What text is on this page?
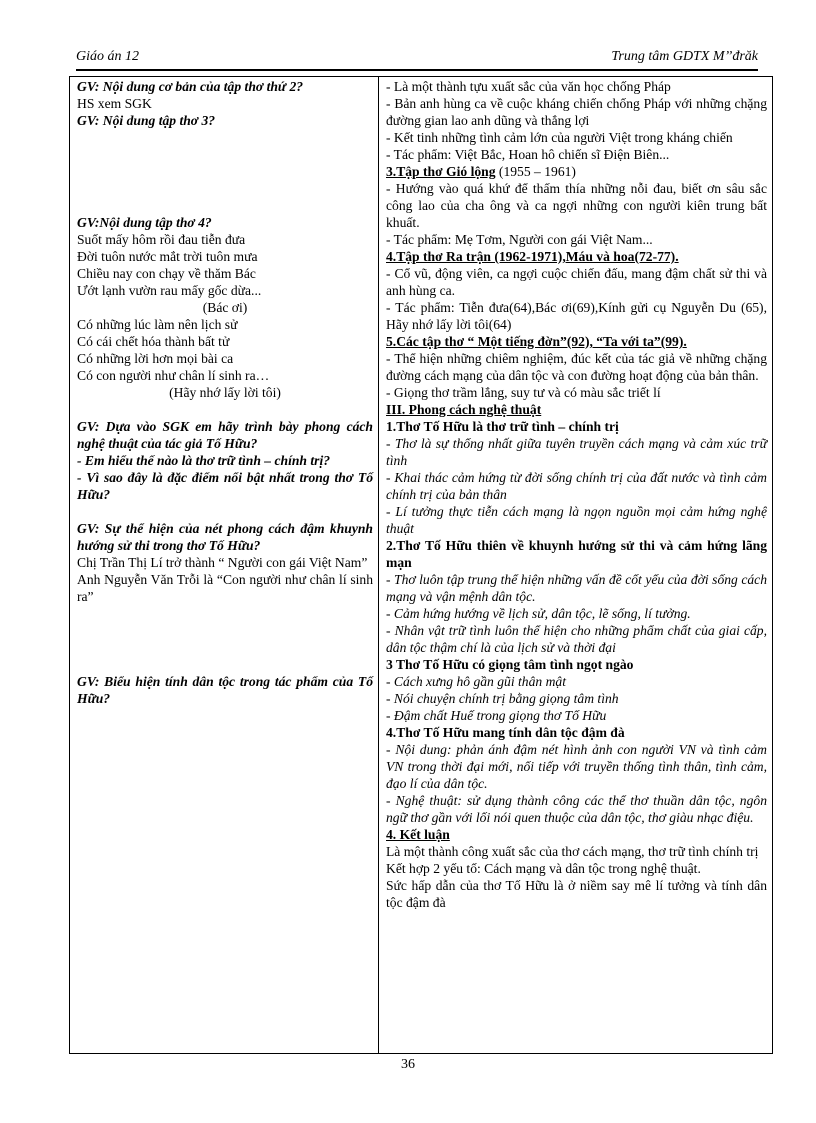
Giáo án 12	Trung tâm GDTX M’’đrăk

GV: Nội dung cơ bản của tập thơ thứ 2?

HS xem SGK

GV: Nội dung tập thơ 3?

GV:Nội dung tập thơ 4?

Suốt mấy hôm rồi đau tiễn đưa

Đời tuôn nước mắt trời tuôn mưa

Chiều nay con chạy về thăm Bác

Ướt lạnh vườn rau mấy gốc dừa...

(Bác ơi)

Có những lúc làm nên lịch sử

Có cái chết hóa thành bất tử

Có những lời hơn mọi bài ca

Có con người như chân lí sinh ra…

(Hãy nhớ lấy lời tôi)

GV: Dựa vào SGK em hãy trình bày phong cách nghệ thuật của tác giả Tố Hữu?

- Em hiểu thế nào là thơ trữ tình – chính trị?

- Vì sao đây là đặc điểm nổi bật nhất trong thơ Tố Hữu?

GV: Sự thể hiện của nét phong cách đậm khuynh hướng sử thi trong thơ Tố Hữu?

Chị Trần Thị Lí trở thành “ Người con gái Việt Nam”

Anh Nguyễn Văn Trỗi là “Con người như chân lí sinh ra”

GV: Biểu hiện tính dân tộc trong tác phẩm của Tố Hữu?

- Là một thành tựu xuất sắc của văn học chống Pháp

- Bản anh hùng ca về cuộc kháng chiến chống Pháp với những chặng đường gian lao anh dũng và thắng lợi

- Kết tinh những tình cảm lớn của người Việt trong kháng chiến

- Tác phẩm: Việt Bắc, Hoan hô chiến sĩ Điện Biên...

3.Tập thơ Gió lộng (1955 – 1961)

- Hướng vào quá khứ để thấm thía những nỗi đau, biết ơn sâu sắc công lao của cha ông và ca ngợi những con người kiên trung bất khuất.

- Tác phẩm: Mẹ Tơm, Người con gái Việt Nam...

4.Tập thơ Ra trận (1962-1971),Máu và hoa(72-77).

- Cổ vũ, động viên, ca ngợi cuộc chiến đấu, mang đậm chất sử thi và anh hùng ca.

- Tác phẩm: Tiễn đưa(64),Bác ơi(69),Kính gửi cụ Nguyễn Du (65), Hãy nhớ lấy lời tôi(64)

5.Các tập thơ “ Một tiếng đờn”(92), “Ta với ta”(99).

- Thể hiện những chiêm nghiệm, đúc kết của tác giả về những chặng đường cách mạng của dân tộc và con đường hoạt động của bản thân.

- Giọng thơ trầm lắng, suy tư và có màu sắc triết lí

III. Phong cách nghệ thuật

1.Thơ Tố Hữu là thơ trữ tình – chính trị

- Thơ là sự thống nhất giữa tuyên truyền cách mạng và cảm xúc trữ tình

- Khai thác cảm hứng từ đời sống chính trị của đất nước và tình cảm chính trị của bản thân

- Lí tưởng thực tiễn cách mạng là ngọn nguồn mọi cảm hứng nghệ thuật

2.Thơ Tố Hữu thiên về khuynh hướng sử thi và cảm hứng lãng mạn

- Thơ luôn tập trung thể hiện những vấn đề cốt yếu của đời sống cách mạng và vận mệnh dân tộc.

- Cảm hứng hướng về lịch sử, dân tộc, lẽ sống, lí tưởng.

- Nhân vật trữ tình luôn thể hiện cho những phẩm chất của giai cấp, dân tộc thậm chí là của lịch sử và thời đại

3 Thơ Tố Hữu có giọng tâm tình ngọt ngào

- Cách xưng hô gần gũi thân mật

- Nói chuyện chính trị bằng giọng tâm tình

- Đậm chất Huế trong giọng thơ Tố Hữu

4.Thơ Tố Hữu mang tính dân tộc đậm đà

- Nội dung: phản ánh đậm nét hình ảnh con người VN và tình cảm VN trong thời đại mới, nối tiếp với truyền thống tình thân, tình cảm, đạo lí của dân tộc.

- Nghệ thuật: sử dụng thành công các thể thơ thuần dân tộc, ngôn ngữ thơ gần với lối nói quen thuộc của dân tộc, thơ giàu nhạc điệu.

4. Kết luận

Là một thành công xuất sắc của thơ cách mạng, thơ trữ tình chính trị

Kết hợp 2 yếu tố: Cách mạng và dân tộc trong nghệ thuật.

Sức hấp dẫn của thơ Tố Hữu là ở niềm say mê lí tưởng và tính dân tộc đậm đà

36
